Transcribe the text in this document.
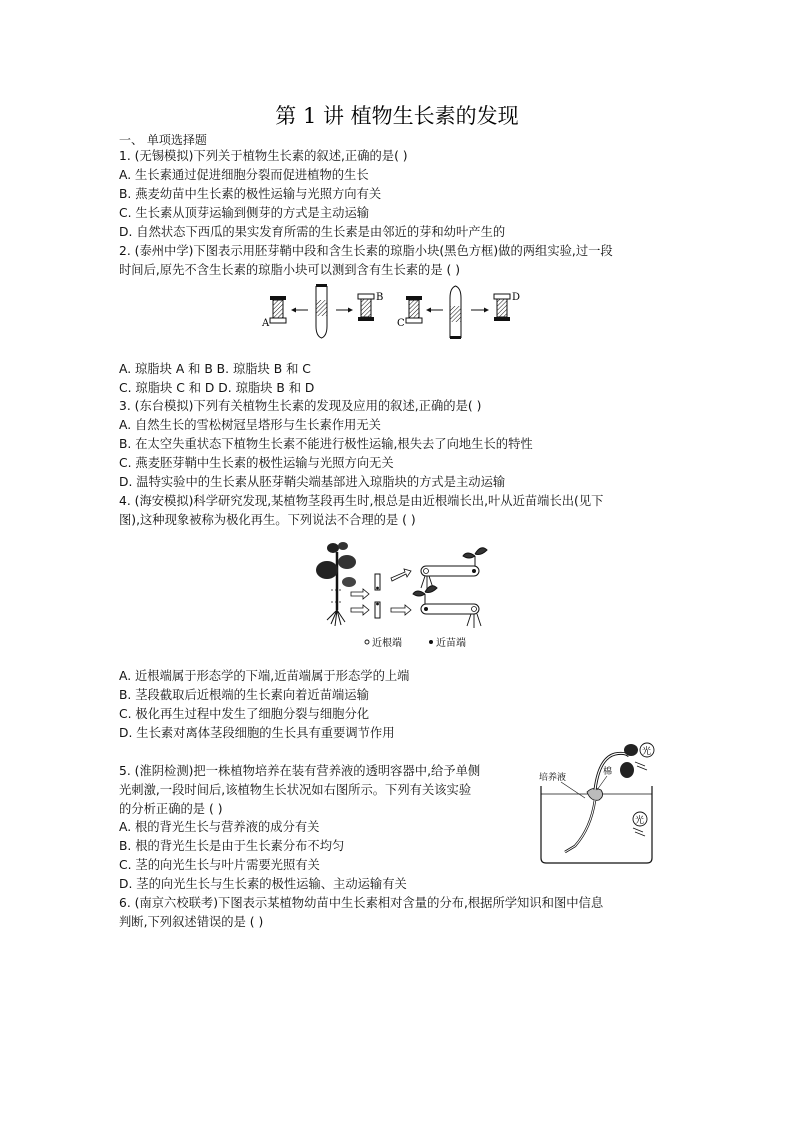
第 1 讲 植物生长素的发现
一、 单项选择题
1. (无锡模拟)下列关于植物生长素的叙述,正确的是( )
A. 生长素通过促进细胞分裂而促进植物的生长
B. 燕麦幼苗中生长素的极性运输与光照方向有关
C. 生长素从顶芽运输到侧芽的方式是主动运输
D. 自然状态下西瓜的果实发育所需的生长素是由邻近的芽和幼叶产生的
2. (泰州中学)下图表示用胚芽鞘中段和含生长素的琼脂小块(黑色方框)做的两组实验,过一段
时间后,原先不含生长素的琼脂小块可以测到含有生长素的是 ( )
A
B
C
D
A. 琼脂块 A 和 B B. 琼脂块 B 和 C
C. 琼脂块 C 和 D D. 琼脂块 B 和 D
3. (东台模拟)下列有关植物生长素的发现及应用的叙述,正确的是( )
A. 自然生长的雪松树冠呈塔形与生长素作用无关
B. 在太空失重状态下植物生长素不能进行极性运输,根失去了向地生长的特性
C. 燕麦胚芽鞘中生长素的极性运输与光照方向无关
D. 温特实验中的生长素从胚芽鞘尖端基部进入琼脂块的方式是主动运输
4. (海安模拟)科学研究发现,某植物茎段再生时,根总是由近根端长出,叶从近苗端长出(见下
图),这种现象被称为极化再生。下列说法不合理的是 ( )
近根端	近苗端
A. 近根端属于形态学的下端,近苗端属于形态学的上端
B. 茎段截取后近根端的生长素向着近苗端运输
C. 极化再生过程中发生了细胞分裂与细胞分化
D. 生长素对离体茎段细胞的生长具有重要调节作用
5. (淮阴检测)把一株植物培养在装有营养液的透明容器中,给予单侧
光刺激,一段时间后,该植物生长状况如右图所示。下列有关该实验
的分析正确的是 ( )
培养液
棉
光
光
A. 根的背光生长与营养液的成分有关
B. 根的背光生长是由于生长素分布不均匀
C. 茎的向光生长与叶片需要光照有关
D. 茎的向光生长与生长素的极性运输、主动运输有关
6. (南京六校联考)下图表示某植物幼苗中生长素相对含量的分布,根据所学知识和图中信息
判断,下列叙述错误的是 ( )
